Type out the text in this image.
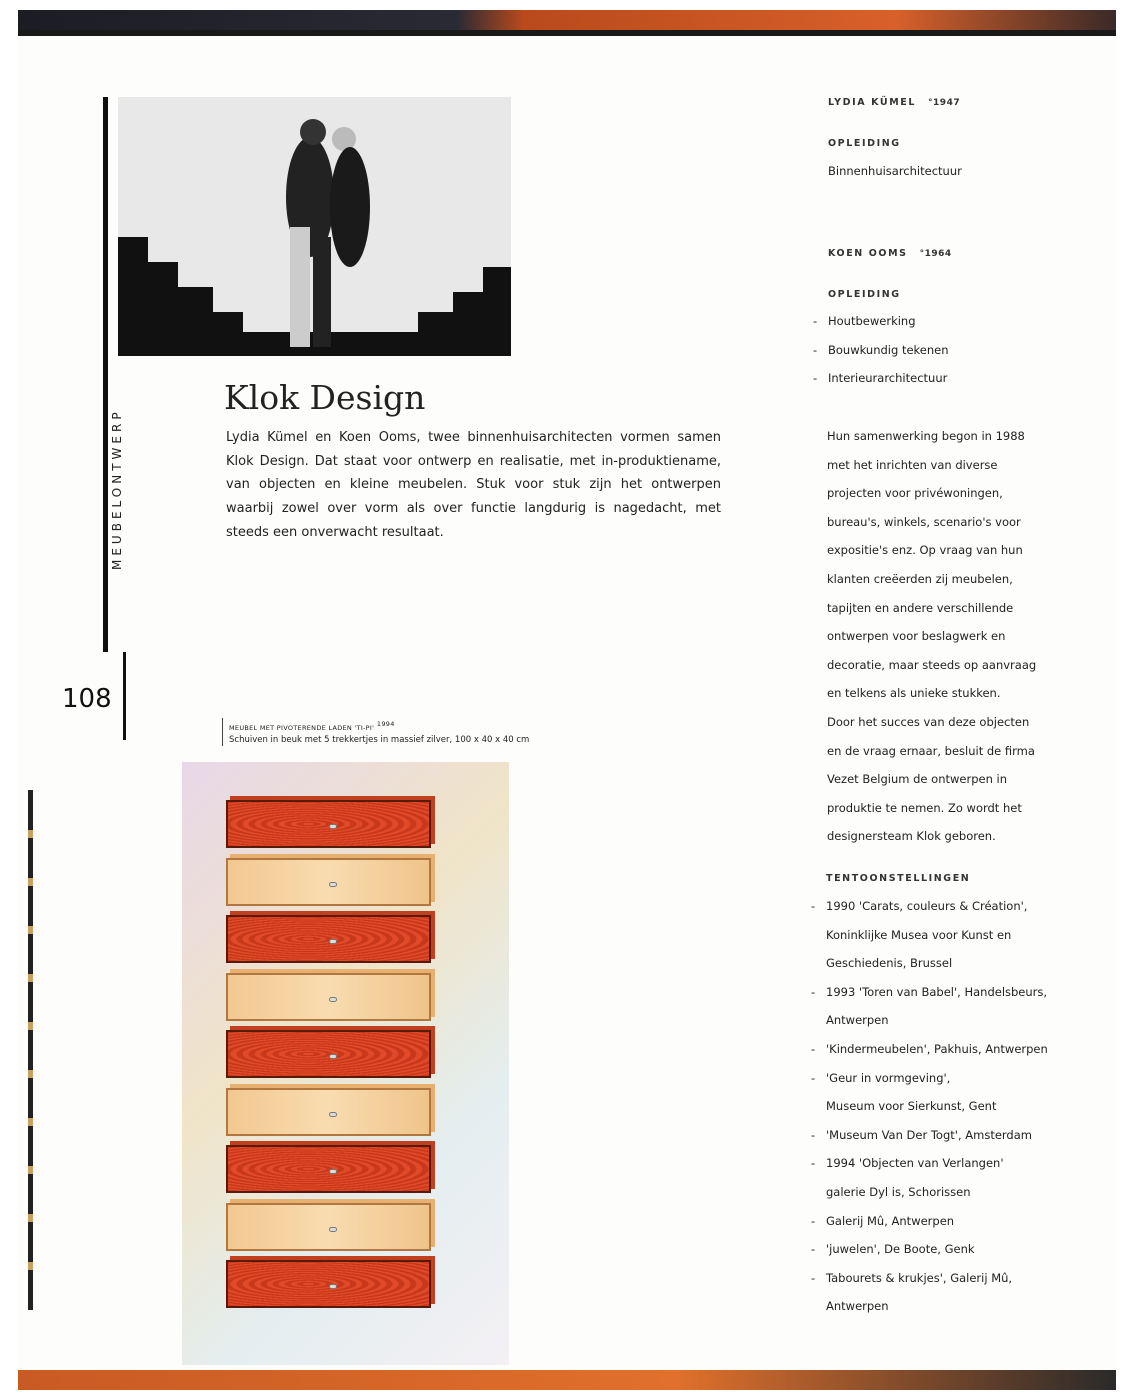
MEUBELONTWERP
108
Klok Design

Lydia Kümel en Koen Ooms, twee binnenhuisarchitecten vormen samen Klok Design. Dat staat voor ontwerp en realisatie, met in-produktiename, van objecten en kleine meubelen. Stuk voor stuk zijn het ontwerpen waarbij zowel over vorm als over functie langdurig is nagedacht, met steeds een onverwacht resultaat.

MEUBEL MET PIVOTERENDE LADEN 'TI-PI' $^{1994}$
Schuiven in beuk met 5 trekkertjes in massief zilver, 100 x 40 x 40 cm
LYDIA KÜMEL °1947
OPLEIDING
Binnenhuisarchitectuur
KOEN OOMS °1964
OPLEIDING
- Houtbewerking
- Bouwkundig tekenen
- Interieurarchitectuur
Hun samenwerking begon in 1988
met het inrichten van diverse
projecten voor privéwoningen,
bureau's, winkels, scenario's voor
expositie's enz. Op vraag van hun
klanten creëerden zij meubelen,
tapijten en andere verschillende
ontwerpen voor beslagwerk en
decoratie, maar steeds op aanvraag
en telkens als unieke stukken.
Door het succes van deze objecten
en de vraag ernaar, besluit de firma
Vezet Belgium de ontwerpen in
produktie te nemen. Zo wordt het
designersteam Klok geboren.
TENTOONSTELLINGEN
- 1990 'Carats, couleurs & Création',
Koninklijke Musea voor Kunst en
Geschiedenis, Brussel
- 1993 'Toren van Babel', Handelsbeurs,
Antwerpen
- 'Kindermeubelen', Pakhuis, Antwerpen
- 'Geur in vormgeving',
Museum voor Sierkunst, Gent
- 'Museum Van Der Togt', Amsterdam
- 1994 'Objecten van Verlangen'
galerie Dyl is, Schorissen
- Galerij Mû, Antwerpen
- 'juwelen', De Boote, Genk
- Tabourets & krukjes', Galerij Mû,
Antwerpen
